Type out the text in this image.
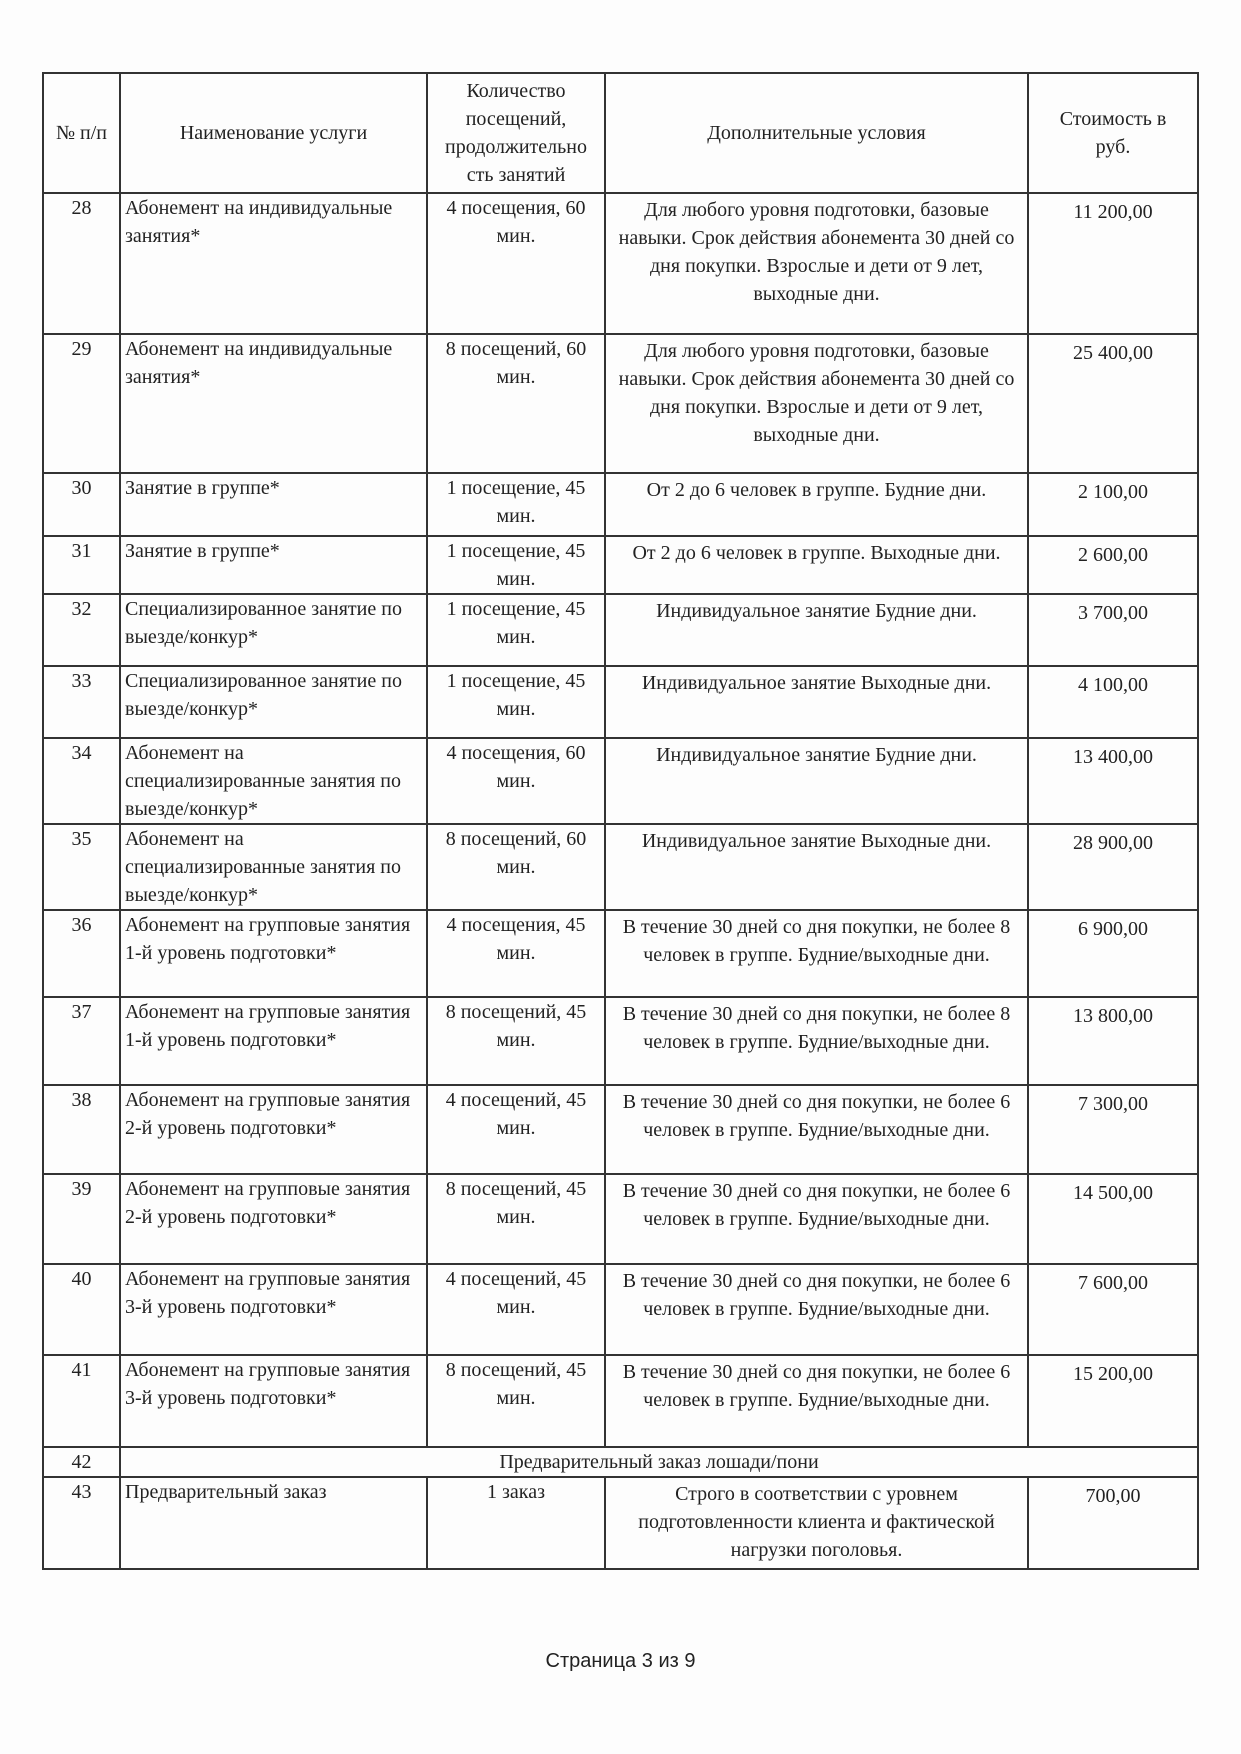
№ п/п	Наименование услуги	Количество посещений, продолжительно сть занятий	Дополнительные условия	Стоимость в руб.
28	Абонемент на индивидуальные занятия*	4 посещения, 60 мин.	Для любого уровня подготовки, базовые навыки. Срок действия абонемента 30 дней со дня покупки. Взрослые и дети от 9 лет, выходные дни.	11 200,00
29	Абонемент на индивидуальные занятия*	8 посещений, 60 мин.	Для любого уровня подготовки, базовые навыки. Срок действия абонемента 30 дней со дня покупки. Взрослые и дети от 9 лет, выходные дни.	25 400,00
30	Занятие в группе*	1 посещение, 45 мин.	От 2 до 6 человек в группе. Будние дни.	2 100,00
31	Занятие в группе*	1 посещение, 45 мин.	От 2 до 6 человек в группе. Выходные дни.	2 600,00
32	Специализированное занятие по выезде/конкур*	1 посещение, 45 мин.	Индивидуальное занятие Будние дни.	3 700,00
33	Специализированное занятие по выезде/конкур*	1 посещение, 45 мин.	Индивидуальное занятие Выходные дни.	4 100,00
34	Абонемент на специализированные занятия по выезде/конкур*	4 посещения, 60 мин.	Индивидуальное занятие Будние дни.	13 400,00
35	Абонемент на специализированные занятия по выезде/конкур*	8 посещений, 60 мин.	Индивидуальное занятие Выходные дни.	28 900,00
36	Абонемент на групповые занятия 1-й уровень подготовки*	4 посещения, 45 мин.	В течение 30 дней со дня покупки, не более 8 человек в группе. Будние/выходные дни.	6 900,00
37	Абонемент на групповые занятия 1-й уровень подготовки*	8 посещений, 45 мин.	В течение 30 дней со дня покупки, не более 8 человек в группе. Будние/выходные дни.	13 800,00
38	Абонемент на групповые занятия 2-й уровень подготовки*	4 посещений, 45 мин.	В течение 30 дней со дня покупки, не более 6 человек в группе. Будние/выходные дни.	7 300,00
39	Абонемент на групповые занятия 2-й уровень подготовки*	8 посещений, 45 мин.	В течение 30 дней со дня покупки, не более 6 человек в группе. Будние/выходные дни.	14 500,00
40	Абонемент на групповые занятия 3-й уровень подготовки*	4 посещений, 45 мин.	В течение 30 дней со дня покупки, не более 6 человек в группе. Будние/выходные дни.	7 600,00
41	Абонемент на групповые занятия 3-й уровень подготовки*	8 посещений, 45 мин.	В течение 30 дней со дня покупки, не более 6 человек в группе. Будние/выходные дни.	15 200,00
42	Предварительный заказ лошади/пони			
43	Предварительный заказ	1 заказ	Строго в соответствии с уровнем подготовленности клиента и фактической нагрузки поголовья.	700,00
Страница 3 из 9
